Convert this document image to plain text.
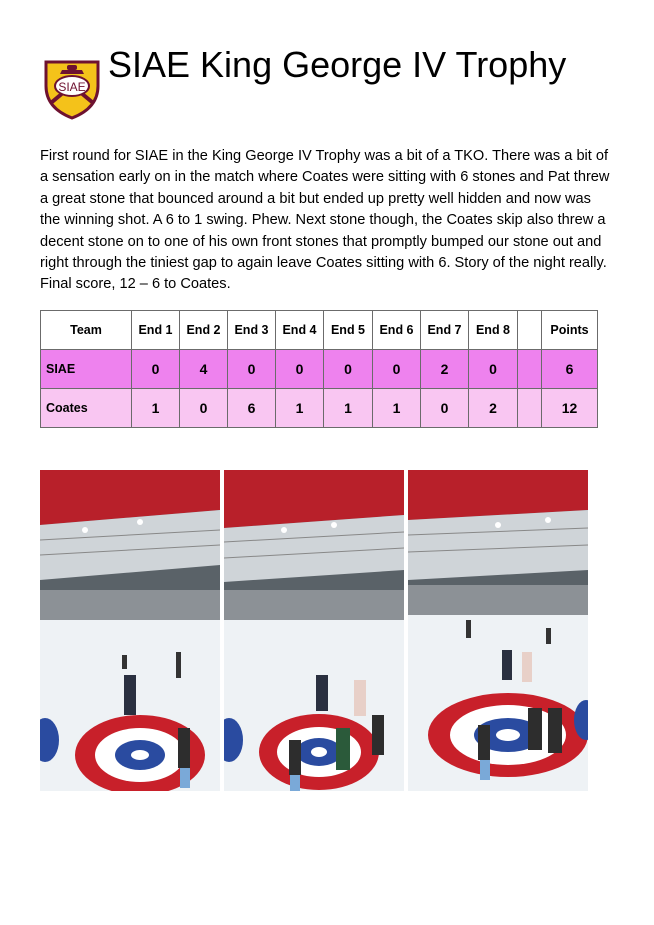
SIAE
SIAE King George IV Trophy
First round for SIAE in the King George IV Trophy was a bit of a TKO. There was a bit of a sensation early on in the match where Coates were sitting with 6 stones and Pat threw a great stone that bounced around a bit but ended up pretty well hidden and now was the winning shot. A 6 to 1 swing. Phew. Next stone though, the Coates skip also threw a decent stone on to one of his own front stones that promptly bumped our stone out and right through the tiniest gap to again leave Coates sitting with 6. Story of the night really. Final score, 12 – 6 to Coates.
Team	End 1	End 2	End 3	End 4	End 5	End 6	End 7	End 8		Points
SIAE	0	4	0	0	0	0	2	0		6
Coates	1	0	6	1	1	1	0	2		12
